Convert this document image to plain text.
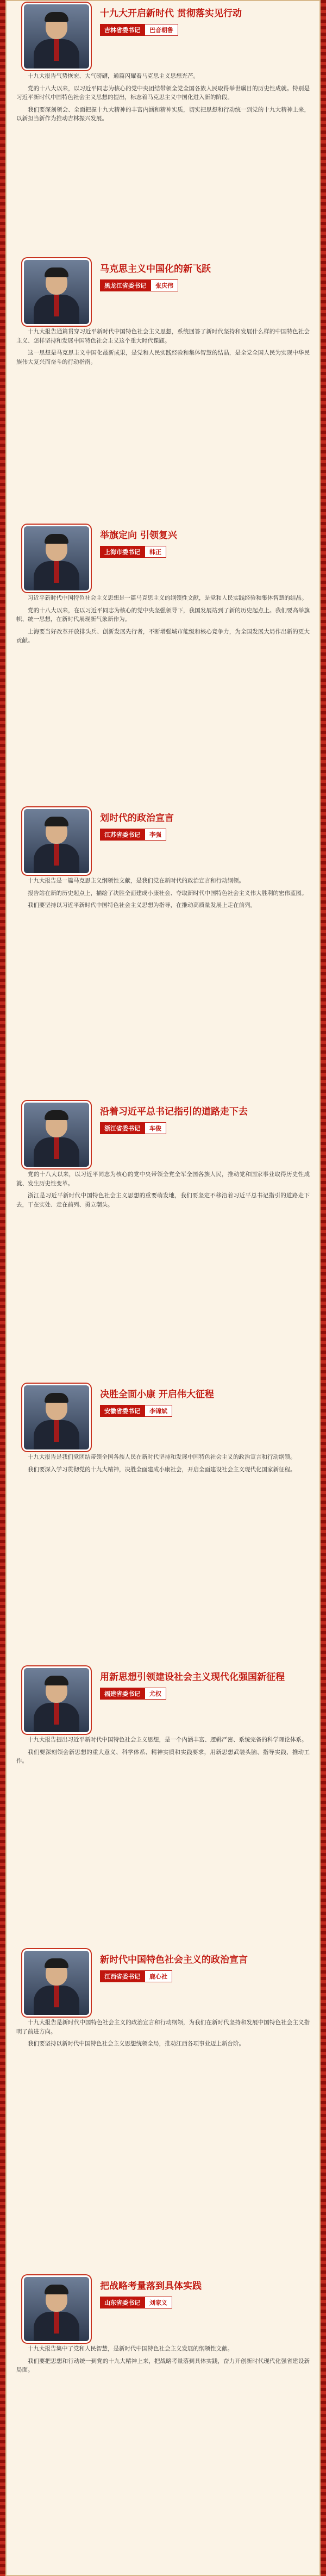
十九大开启新时代 贯彻落实见行动
吉林省委书记	巴音朝鲁

十九大报告气势恢宏、大气磅礴，通篇闪耀着马克思主义思想光芒。

党的十八大以来，以习近平同志为核心的党中央团结带领全党全国各族人民取得举世瞩目的历史性成就。特别是习近平新时代中国特色社会主义思想的提出，标志着马克思主义中国化进入新的阶段。

我们要深刻领会、全面把握十九大精神的丰富内涵和精神实质，切实把思想和行动统一到党的十九大精神上来，以新担当新作为推动吉林振兴发展。

马克思主义中国化的新飞跃
黑龙江省委书记	张庆伟

十九大报告通篇贯穿习近平新时代中国特色社会主义思想，系统回答了新时代坚持和发展什么样的中国特色社会主义、怎样坚持和发展中国特色社会主义这个重大时代课题。

这一思想是马克思主义中国化最新成果，是党和人民实践经验和集体智慧的结晶，是全党全国人民为实现中华民族伟大复兴而奋斗的行动指南。

举旗定向 引领复兴
上海市委书记	韩正

习近平新时代中国特色社会主义思想是一篇马克思主义的纲领性文献，是党和人民实践经验和集体智慧的结晶。

党的十八大以来，在以习近平同志为核心的党中央坚强领导下，我国发展站到了新的历史起点上。我们要高举旗帜、统一思想，在新时代展现新气象新作为。

上海要当好改革开放排头兵、创新发展先行者，不断增强城市能级和核心竞争力，为全国发展大局作出新的更大贡献。

划时代的政治宣言
江苏省委书记	李强

十九大报告是一篇马克思主义纲领性文献，是我们党在新时代的政治宣言和行动纲领。

报告站在新的历史起点上，描绘了决胜全面建成小康社会、夺取新时代中国特色社会主义伟大胜利的宏伟蓝图。

我们要坚持以习近平新时代中国特色社会主义思想为指导，在推动高质量发展上走在前列。

沿着习近平总书记指引的道路走下去
浙江省委书记	车俊

党的十八大以来，以习近平同志为核心的党中央带领全党全军全国各族人民，推动党和国家事业取得历史性成就、发生历史性变革。

浙江是习近平新时代中国特色社会主义思想的重要萌发地，我们要坚定不移沿着习近平总书记指引的道路走下去，干在实处、走在前列、勇立潮头。

决胜全面小康 开启伟大征程
安徽省委书记	李锦斌

十九大报告是我们党团结带领全国各族人民在新时代坚持和发展中国特色社会主义的政治宣言和行动纲领。

我们要深入学习贯彻党的十九大精神，决胜全面建成小康社会，开启全面建设社会主义现代化国家新征程。

用新思想引领建设社会主义现代化强国新征程
福建省委书记	尤权

十九大报告提出习近平新时代中国特色社会主义思想，是一个内涵丰富、逻辑严密、系统完备的科学理论体系。

我们要深刻领会新思想的重大意义、科学体系、精神实质和实践要求，用新思想武装头脑、指导实践、推动工作。

新时代中国特色社会主义的政治宣言
江西省委书记	鹿心社

十九大报告是新时代中国特色社会主义的政治宣言和行动纲领，为我们在新时代坚持和发展中国特色社会主义指明了前进方向。

我们要坚持以新时代中国特色社会主义思想统领全局，推动江西各项事业迈上新台阶。

把战略考量落到具体实践
山东省委书记	刘家义

十九大报告集中了党和人民智慧，是新时代中国特色社会主义发展的纲领性文献。

我们要把思想和行动统一到党的十九大精神上来，把战略考量落到具体实践，奋力开创新时代现代化强省建设新局面。
